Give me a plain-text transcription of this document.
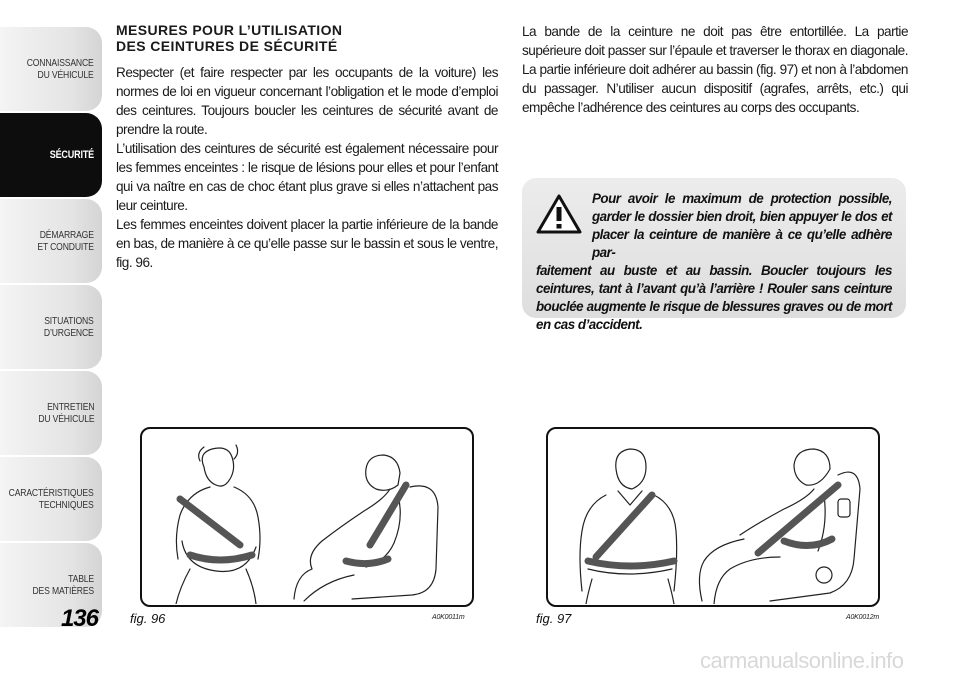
CONNAISSANCE
DU VÉHICULE
SÉCURITÉ
DÉMARRAGE
ET CONDUITE
SITUATIONS
D’URGENCE
ENTRETIEN
DU VÉHICULE
CARACTÉRISTIQUES
TECHNIQUES
TABLE
DES MATIÈRES
136
MESURES POUR L’UTILISATION
DES CEINTURES DE SÉCURITÉ

Respecter (et faire respecter par les occupants de la voiture) les normes de loi en vigueur concernant l’obligation et le mode d’emploi des ceintures. Toujours boucler les ceintures de sécurité avant de prendre la route.

L’utilisation des ceintures de sécurité est également nécessaire pour les femmes enceintes : le risque de lésions pour elles et pour l’enfant qui va naître en cas de choc étant plus grave si elles n’attachent pas leur ceinture.

Les femmes enceintes doivent placer la partie inférieure de la bande en bas, de manière à ce qu’elle passe sur le bassin et sous le ventre, fig. 96.

La bande de la ceinture ne doit pas être entortillée. La partie supérieure doit passer sur l’épaule et traverser le thorax en diagonale. La partie inférieure doit adhérer au bassin (fig. 97) et non à l’abdomen du passager. N’utiliser aucun dispositif (agrafes, arrêts, etc.) qui empêche l’adhérence des ceintures au corps des occupants.

Pour avoir le maximum de protection possible, garder le dossier bien droit, bien appuyer le dos et placer la ceinture de manière à ce qu’elle adhère par-
faitement au buste et au bassin. Boucler toujours les ceintures, tant à l’avant qu’à l’arrière ! Rouler sans ceinture bouclée augmente le risque de blessures graves ou de mort en cas d’accident.

fig. 96	A0K0011m	fig. 97	A0K0012m
carmanualsonline.info
